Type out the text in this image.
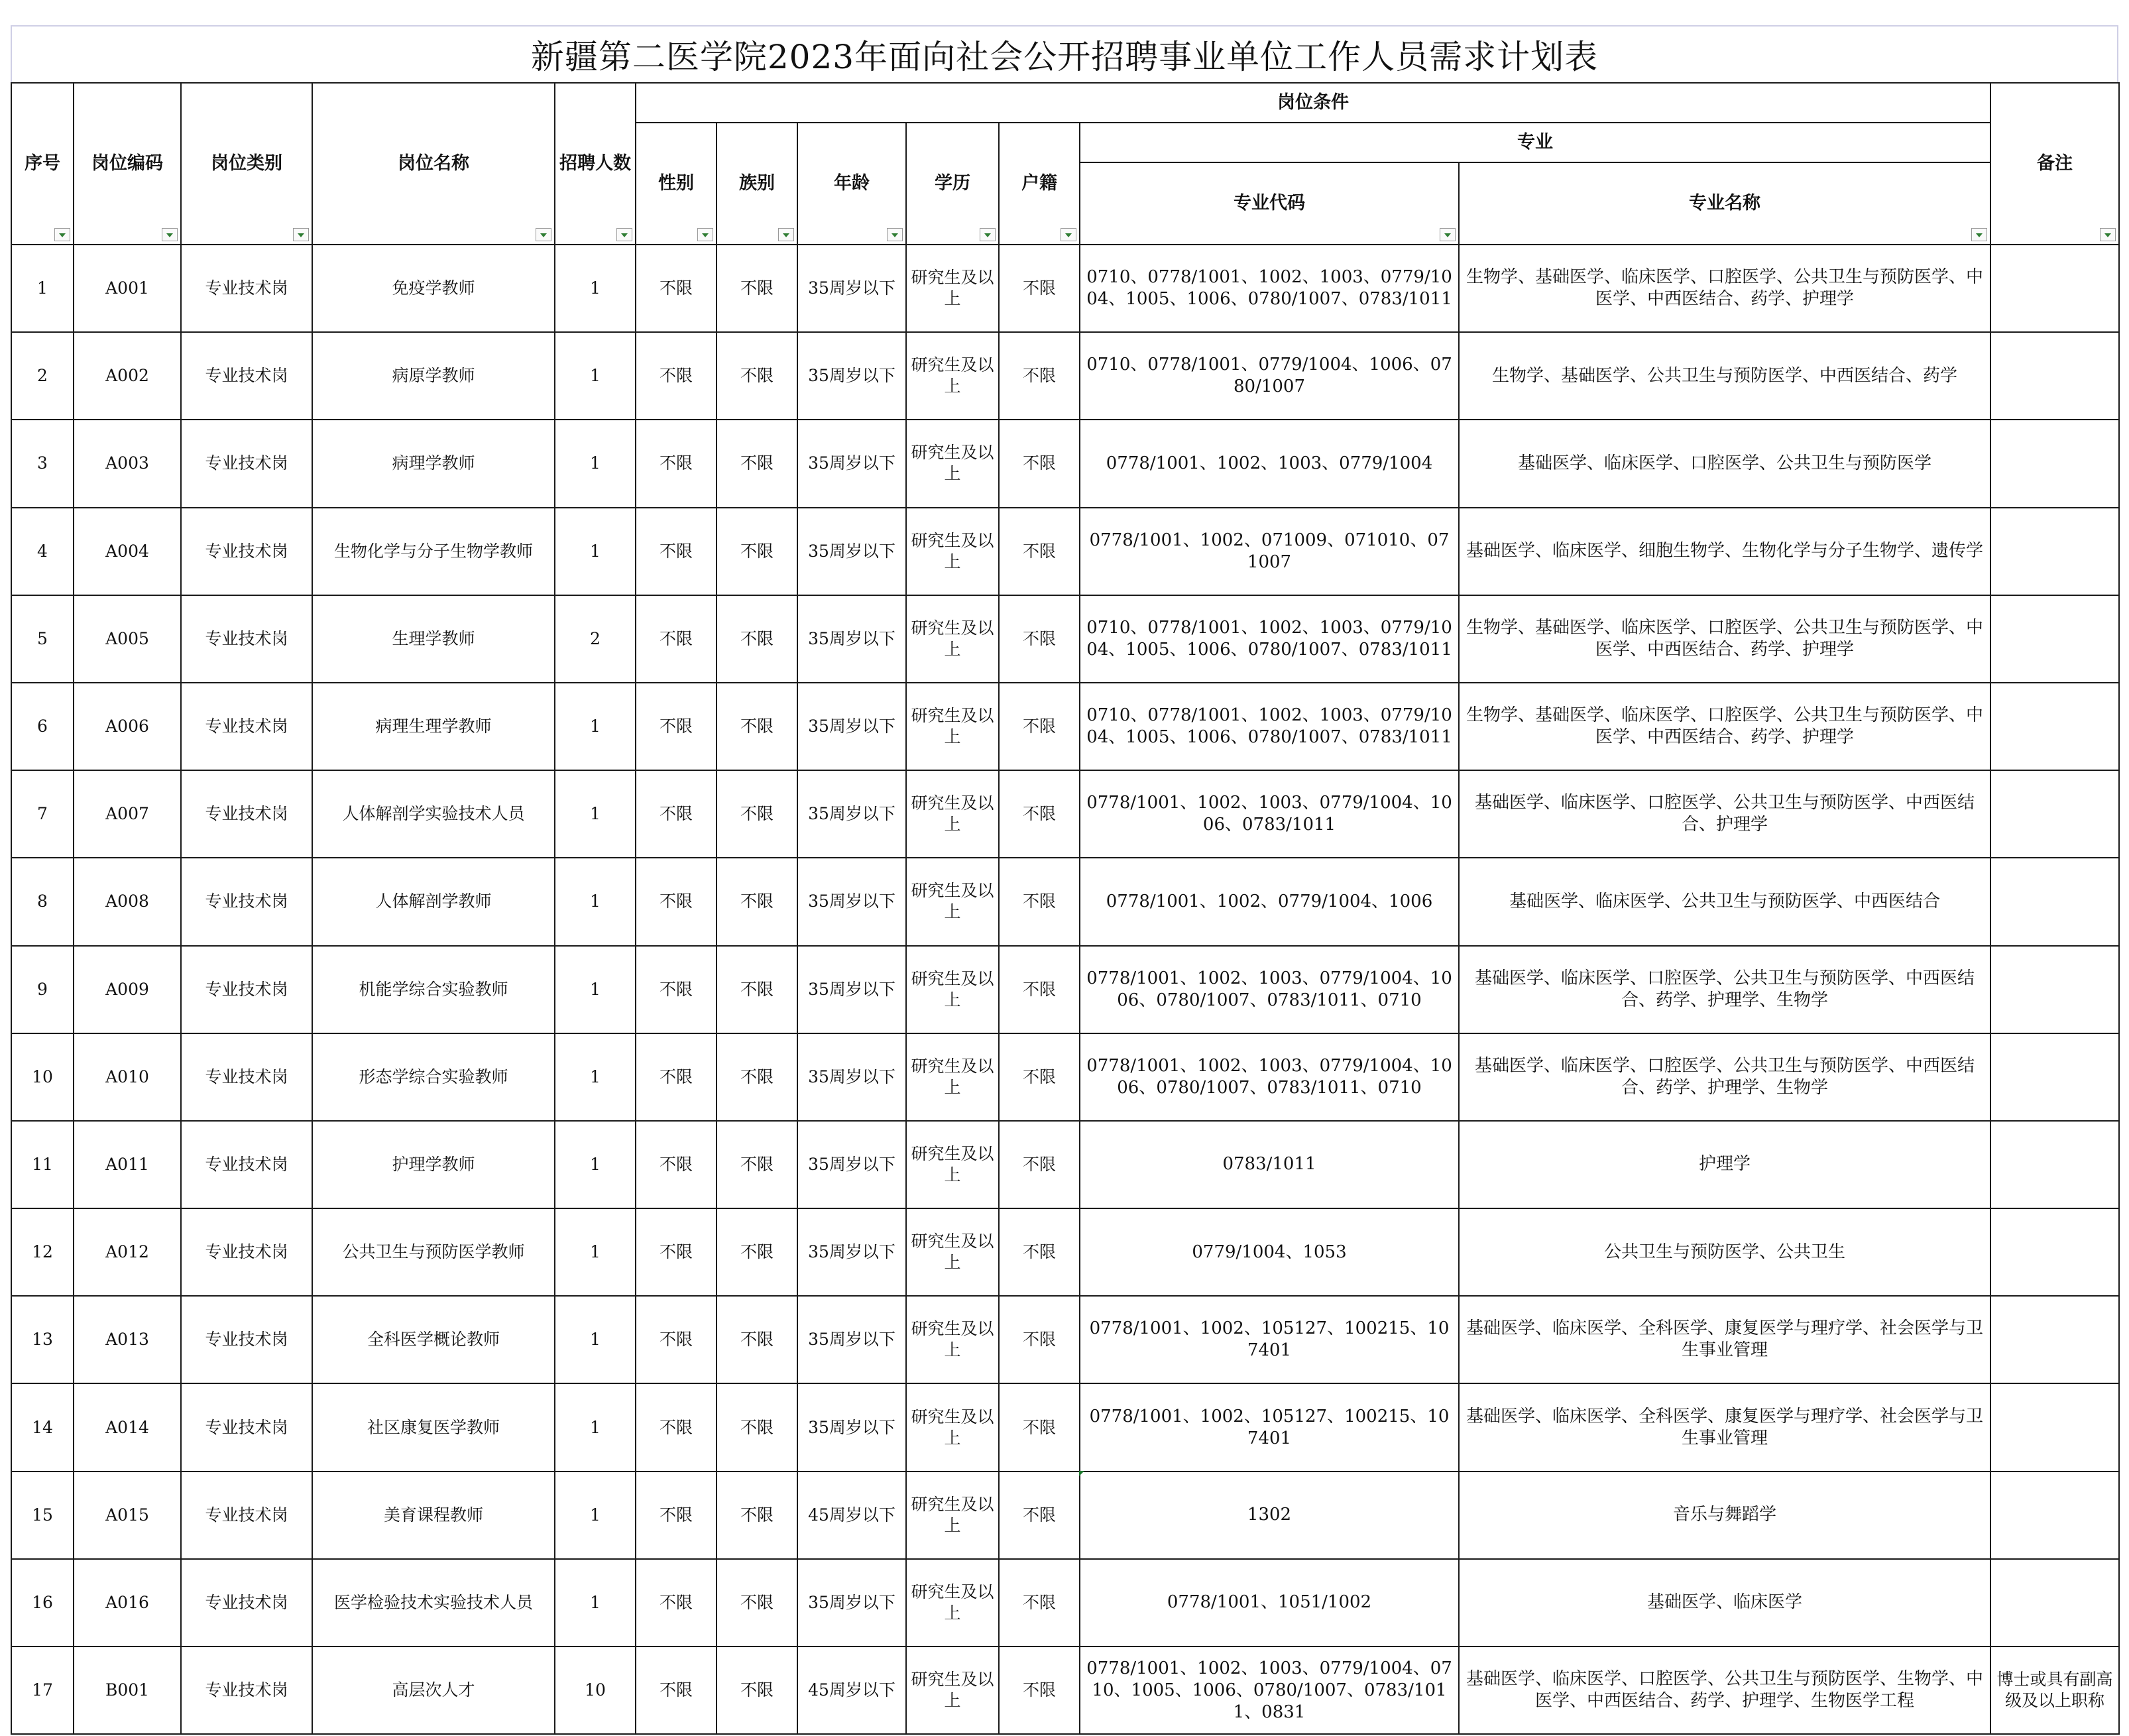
新疆第二医学院2023年面向社会公开招聘事业单位工作人员需求计划表
序号	岗位编码	岗位类别	岗位名称	招聘人数	岗位条件							备注

					性别	族别	年龄	学历	户籍	专业		
										专业代码	专业名称	

1	A001	专业技术岗	免疫学教师	1	不限	不限	35周岁以下	研究生及以上	不限	0710、0778/1001、1002、1003、0779/1004、1005、1006、0780/1007、0783/1011	生物学、基础医学、临床医学、口腔医学、公共卫生与预防医学、中医学、中西医结合、药学、护理学	
2	A002	专业技术岗	病原学教师	1	不限	不限	35周岁以下	研究生及以上	不限	0710、0778/1001、0779/1004、1006、0780/1007	生物学、基础医学、公共卫生与预防医学、中西医结合、药学	
3	A003	专业技术岗	病理学教师	1	不限	不限	35周岁以下	研究生及以上	不限	0778/1001、1002、1003、0779/1004	基础医学、临床医学、口腔医学、公共卫生与预防医学	
4	A004	专业技术岗	生物化学与分子生物学教师	1	不限	不限	35周岁以下	研究生及以上	不限	0778/1001、1002、071009、071010、071007	基础医学、临床医学、细胞生物学、生物化学与分子生物学、遗传学	
5	A005	专业技术岗	生理学教师	2	不限	不限	35周岁以下	研究生及以上	不限	0710、0778/1001、1002、1003、0779/1004、1005、1006、0780/1007、0783/1011	生物学、基础医学、临床医学、口腔医学、公共卫生与预防医学、中医学、中西医结合、药学、护理学	
6	A006	专业技术岗	病理生理学教师	1	不限	不限	35周岁以下	研究生及以上	不限	0710、0778/1001、1002、1003、0779/1004、1005、1006、0780/1007、0783/1011	生物学、基础医学、临床医学、口腔医学、公共卫生与预防医学、中医学、中西医结合、药学、护理学	
7	A007	专业技术岗	人体解剖学实验技术人员	1	不限	不限	35周岁以下	研究生及以上	不限	0778/1001、1002、1003、0779/1004、1006、0783/1011	基础医学、临床医学、口腔医学、公共卫生与预防医学、中西医结合、护理学	
8	A008	专业技术岗	人体解剖学教师	1	不限	不限	35周岁以下	研究生及以上	不限	0778/1001、1002、0779/1004、1006	基础医学、临床医学、公共卫生与预防医学、中西医结合	
9	A009	专业技术岗	机能学综合实验教师	1	不限	不限	35周岁以下	研究生及以上	不限	0778/1001、1002、1003、0779/1004、1006、0780/1007、0783/1011、0710	基础医学、临床医学、口腔医学、公共卫生与预防医学、中西医结合、药学、护理学、生物学	
10	A010	专业技术岗	形态学综合实验教师	1	不限	不限	35周岁以下	研究生及以上	不限	0778/1001、1002、1003、0779/1004、1006、0780/1007、0783/1011、0710	基础医学、临床医学、口腔医学、公共卫生与预防医学、中西医结合、药学、护理学、生物学	
11	A011	专业技术岗	护理学教师	1	不限	不限	35周岁以下	研究生及以上	不限	0783/1011	护理学	
12	A012	专业技术岗	公共卫生与预防医学教师	1	不限	不限	35周岁以下	研究生及以上	不限	0779/1004、1053	公共卫生与预防医学、公共卫生	
13	A013	专业技术岗	全科医学概论教师	1	不限	不限	35周岁以下	研究生及以上	不限	0778/1001、1002、105127、100215、107401	基础医学、临床医学、全科医学、康复医学与理疗学、社会医学与卫生事业管理	
14	A014	专业技术岗	社区康复医学教师	1	不限	不限	35周岁以下	研究生及以上	不限	0778/1001、1002、105127、100215、107401	基础医学、临床医学、全科医学、康复医学与理疗学、社会医学与卫生事业管理	
15	A015	专业技术岗	美育课程教师	1	不限	不限	45周岁以下	研究生及以上	不限	1302	音乐与舞蹈学	
16	A016	专业技术岗	医学检验技术实验技术人员	1	不限	不限	35周岁以下	研究生及以上	不限	0778/1001、1051/1002	基础医学、临床医学	
17	B001	专业技术岗	高层次人才	10	不限	不限	45周岁以下	研究生及以上	不限	0778/1001、1002、1003、0779/1004、0710、1005、1006、0780/1007、0783/1011、0831	基础医学、临床医学、口腔医学、公共卫生与预防医学、生物学、中医学、中西医结合、药学、护理学、生物医学工程	博士或具有副高级及以上职称
